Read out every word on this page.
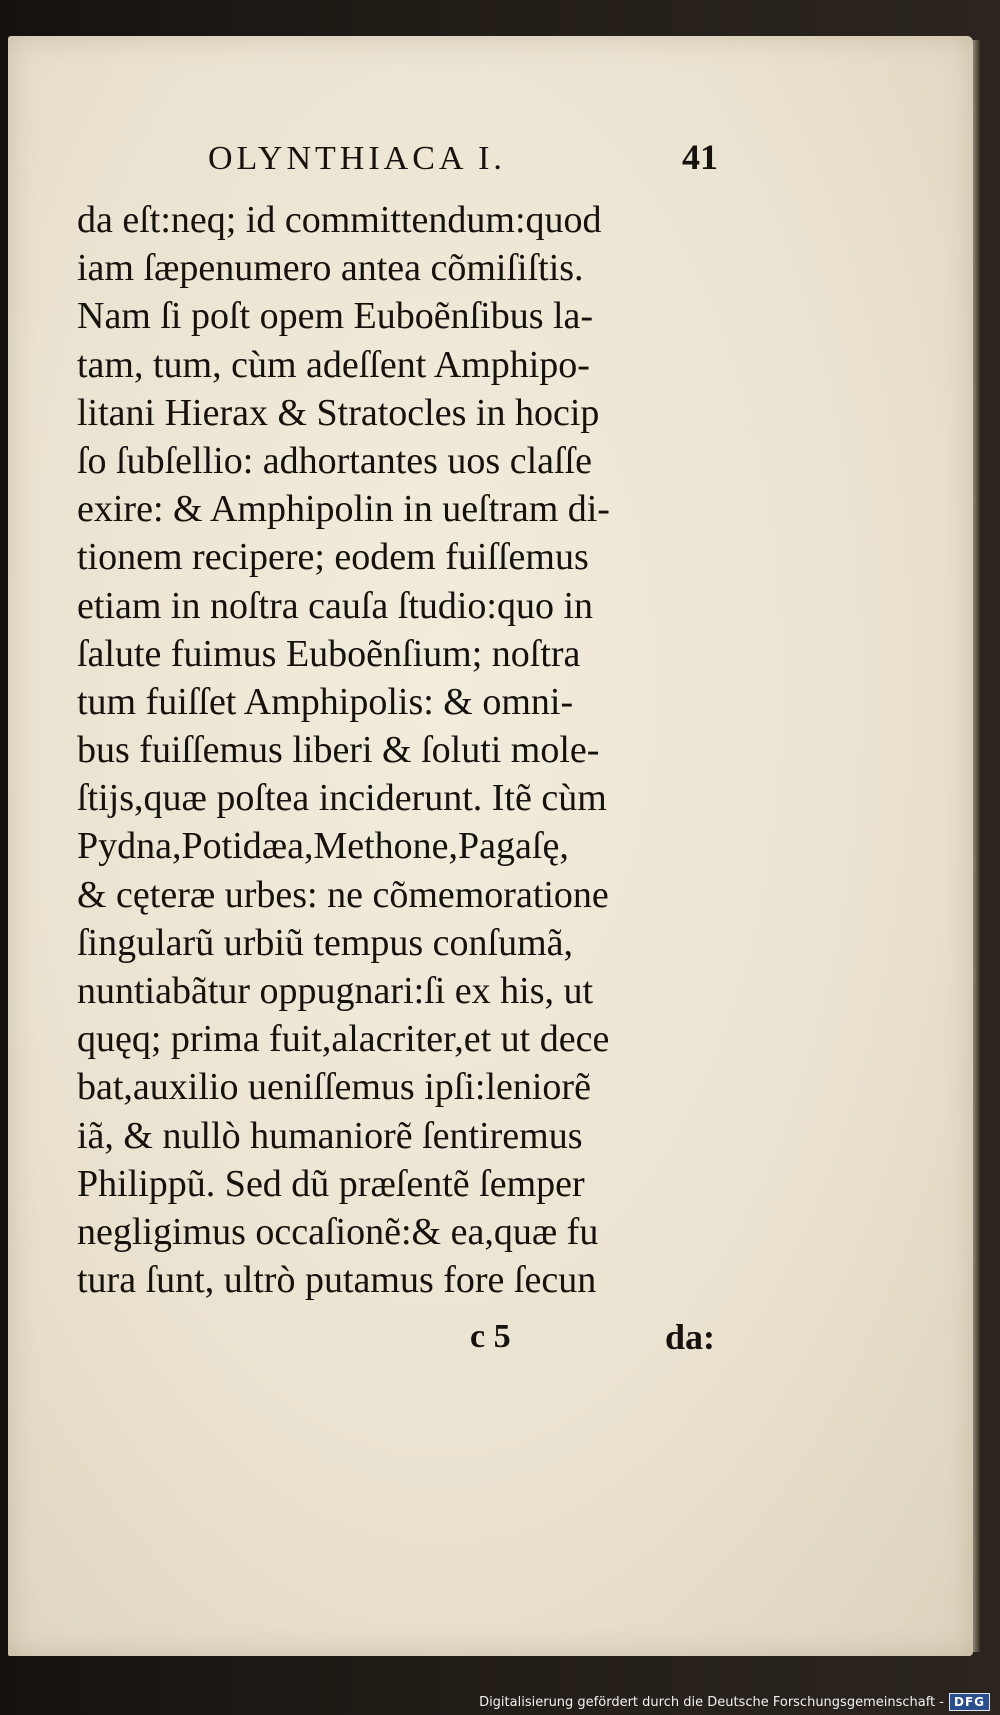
OLYNTHIACA I.	41
da eſt:neq; id committendum:quod
iam ſæpenumero antea cõmiſiſtis.
Nam ſi poſt opem Euboẽnſibus la-
tam, tum, cùm adeſſent Amphipo-
litani Hierax & Stratocles in hocip
ſo ſubſellio: adhortantes uos claſſe
exire: & Amphipolin in ueſtram di-
tionem recipere; eodem fuiſſemus
etiam in noſtra cauſa ſtudio:quo in
ſalute fuimus Euboẽnſium; noſtra
tum fuiſſet Amphipolis: & omni-
bus fuiſſemus liberi & ſoluti mole-
ſtijs,quæ poſtea inciderunt. Itẽ cùm
Pydna,Potidæa,Methone,Pagaſę,
& cęteræ urbes: ne cõmemoratione
ſingularũ urbiũ tempus conſumã,
nuntiabãtur oppugnari:ſi ex his, ut
quęq; prima fuit,alacriter,et ut dece
bat,auxilio ueniſſemus ipſi:leniorẽ
iã, & nullò humaniorẽ ſentiremus
Philippũ. Sed dũ præſentẽ ſemper
negligimus occaſionẽ:& ea,quæ fu
tura ſunt, ultrò putamus fore ſecun
c 5	da:
Digitalisierung gefördert durch die Deutsche Forschungsgemeinschaft - DFG
